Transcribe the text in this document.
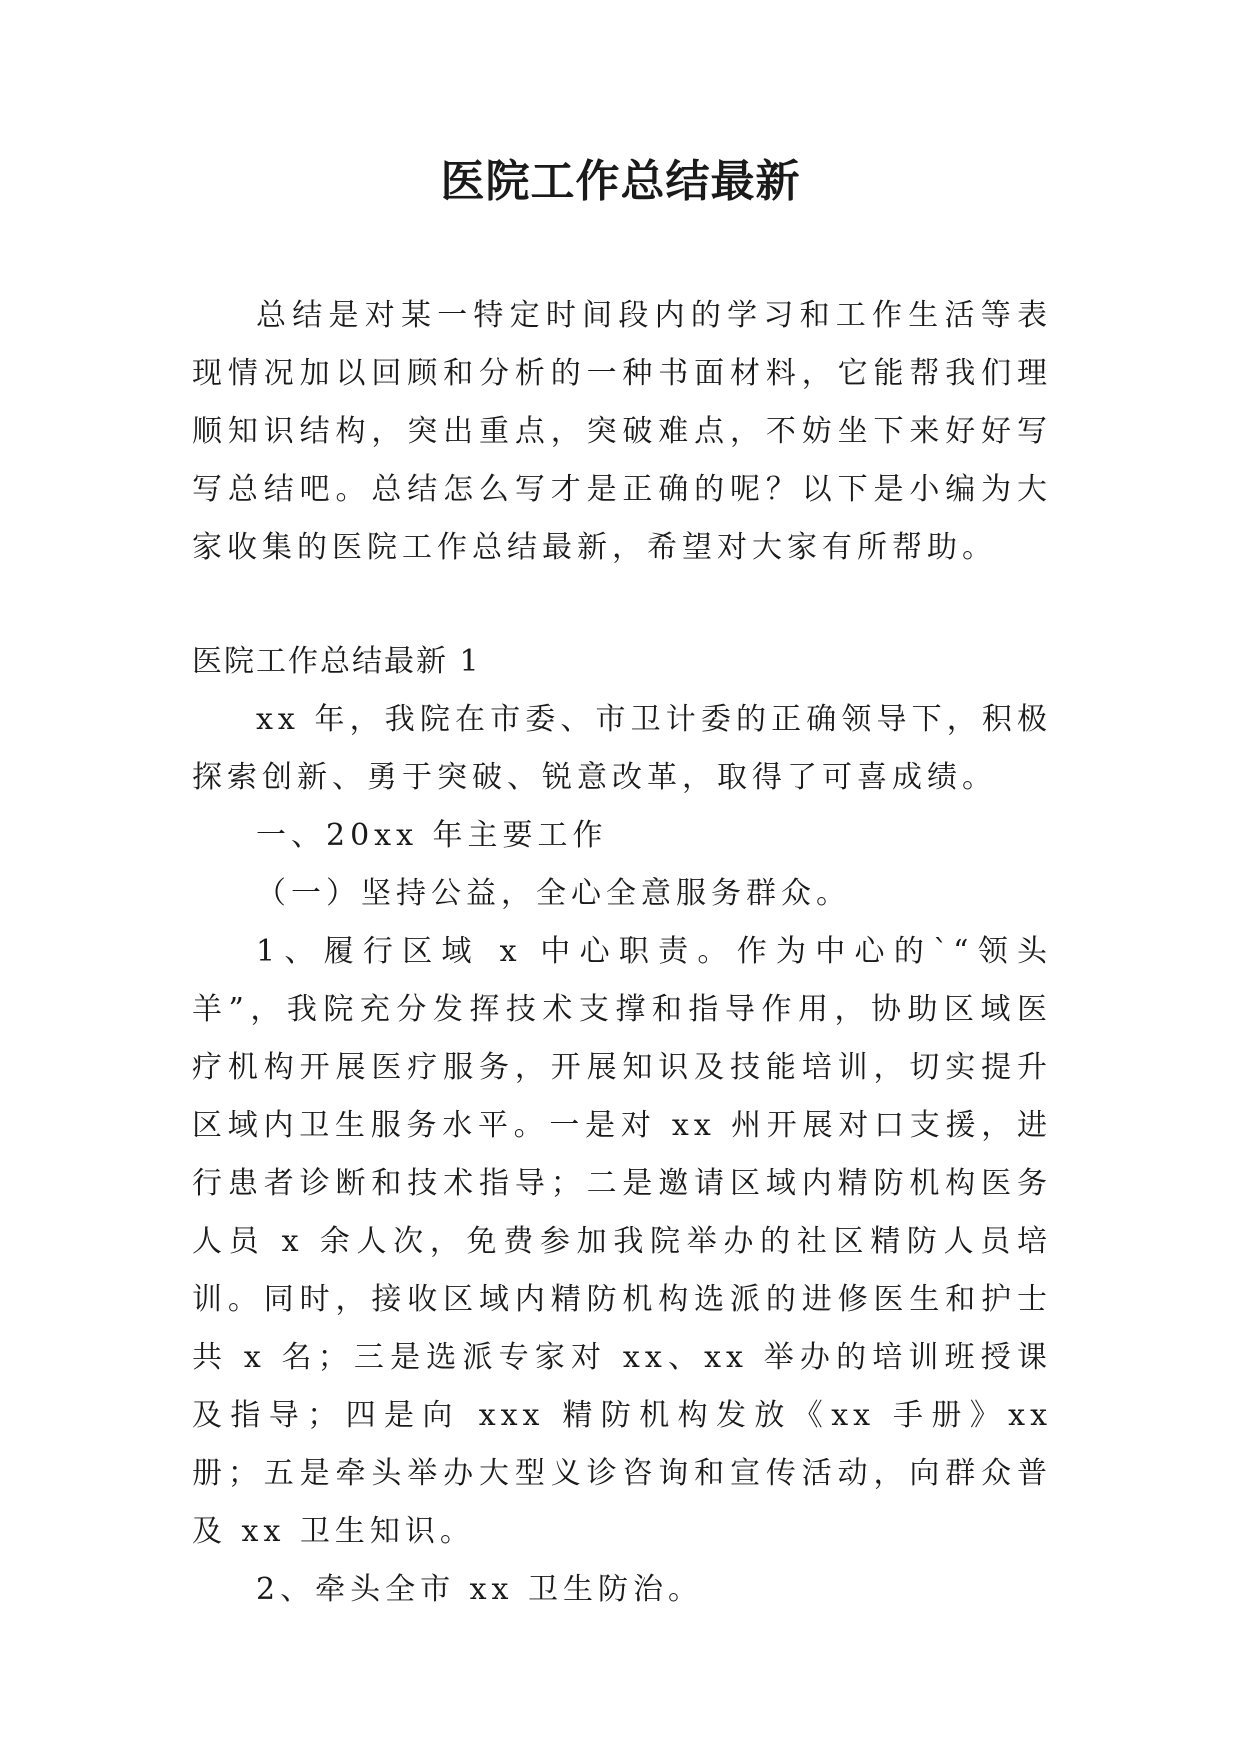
医院工作总结最新

总结是对某一特定时间段内的学习和工作生活等表现情况加以回顾和分析的一种书面材料，它能帮我们理顺知识结构，突出重点，突破难点，不妨坐下来好好写写总结吧。总结怎么写才是正确的呢？以下是小编为大家收集的医院工作总结最新，希望对大家有所帮助。

医院工作总结最新 1

xx 年，我院在市委、市卫计委的正确领导下，积极探索创新、勇于突破、锐意改革，取得了可喜成绩。

一、20xx 年主要工作

（一）坚持公益，全心全意服务群众。

1、履行区域 x 中心职责。作为中心的`“领头羊”，我院充分发挥技术支撑和指导作用，协助区域医疗机构开展医疗服务，开展知识及技能培训，切实提升区域内卫生服务水平。一是对 xx 州开展对口支援，进行患者诊断和技术指导；二是邀请区域内精防机构医务人员 x 余人次，免费参加我院举办的社区精防人员培训。同时，接收区域内精防机构选派的进修医生和护士共 x 名；三是选派专家对 xx、xx 举办的培训班授课及指导；四是向 xxx 精防机构发放《xx 手册》xx 册；五是牵头举办大型义诊咨询和宣传活动，向群众普及 xx 卫生知识。

2、牵头全市 xx 卫生防治。
